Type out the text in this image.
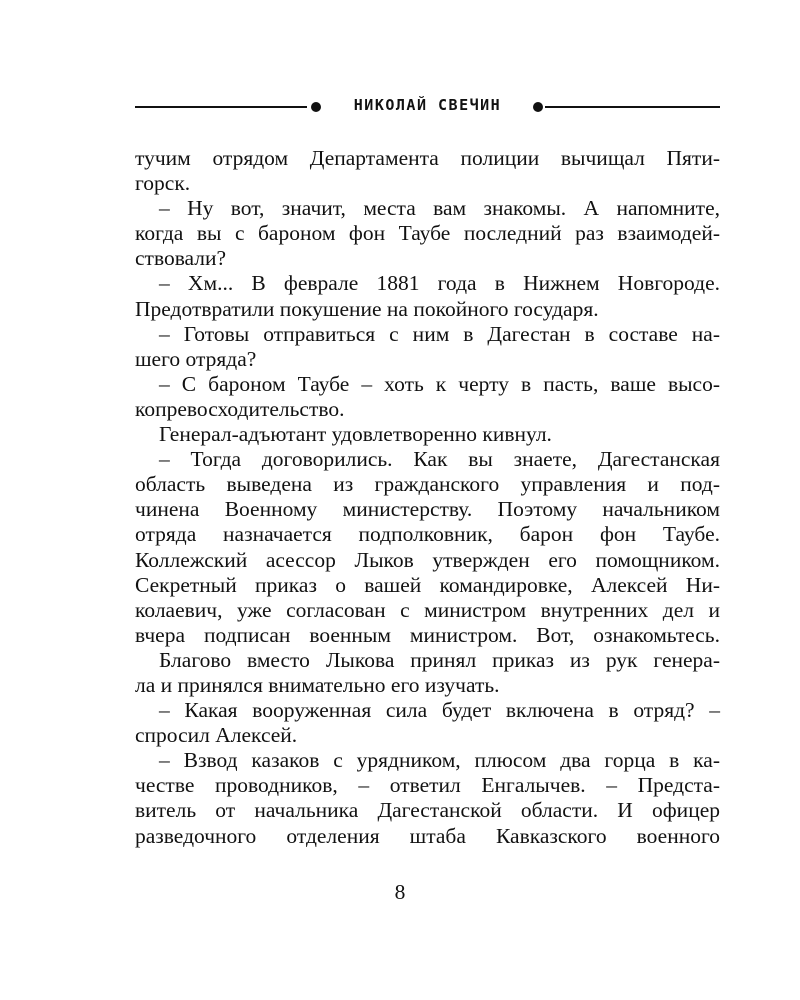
НИКОЛАЙ СВЕЧИН
тучим отрядом Департамента полиции вычищал Пяти-
горск.
– Ну вот, значит, места вам знакомы. А напомните,
когда вы с бароном фон Таубе последний раз взаимодей-
ствовали?
– Хм... В феврале 1881 года в Нижнем Новгороде.
Предотвратили покушение на покойного государя.
– Готовы отправиться с ним в Дагестан в составе на-
шего отряда?
– С бароном Таубе – хоть к черту в пасть, ваше высо-
копревосходительство.
Генерал-адъютант удовлетворенно кивнул.
– Тогда договорились. Как вы знаете, Дагестанская
область выведена из гражданского управления и под-
чинена Военному министерству. Поэтому начальником
отряда назначается подполковник, барон фон Таубе.
Коллежский асессор Лыков утвержден его помощником.
Секретный приказ о вашей командировке, Алексей Ни-
колаевич, уже согласован с министром внутренних дел и
вчера подписан военным министром. Вот, ознакомьтесь.
Благово вместо Лыкова принял приказ из рук генера-
ла и принялся внимательно его изучать.
– Какая вооруженная сила будет включена в отряд? –
спросил Алексей.
– Взвод казаков с урядником, плюсом два горца в ка-
честве проводников, – ответил Енгалычев. – Предста-
витель от начальника Дагестанской области. И офицер
разведочного отделения штаба Кавказского военного
8
